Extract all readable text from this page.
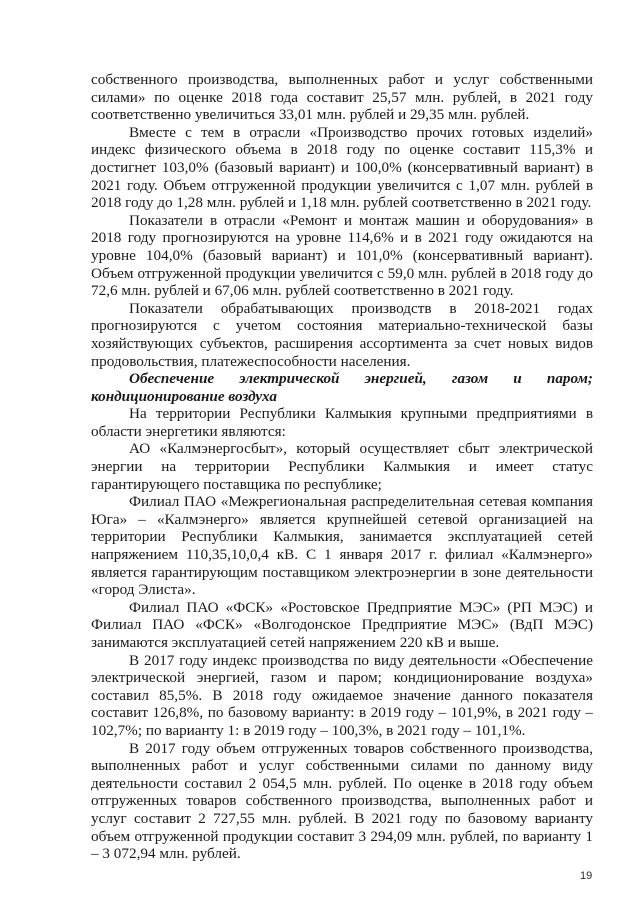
собственного производства, выполненных работ и услуг собственными силами» по оценке 2018 года составит 25,57 млн. рублей, в 2021 году соответственно увеличиться 33,01 млн. рублей и 29,35 млн. рублей.

Вместе с тем в отрасли «Производство прочих готовых изделий» индекс физического объема в 2018 году по оценке составит 115,3% и достигнет 103,0% (базовый вариант) и 100,0% (консервативный вариант) в 2021 году. Объем отгруженной продукции увеличится с 1,07 млн. рублей в 2018 году до 1,28 млн. рублей и 1,18 млн. рублей соответственно в 2021 году.

Показатели в отрасли «Ремонт и монтаж машин и оборудования» в 2018 году прогнозируются на уровне 114,6% и в 2021 году ожидаются на уровне 104,0% (базовый вариант) и 101,0% (консервативный вариант). Объем отгруженной продукции увеличится с 59,0 млн. рублей в 2018 году до 72,6 млн. рублей и 67,06 млн. рублей соответственно в 2021 году.

Показатели обрабатывающих производств в 2018-2021 годах прогнозируются с учетом состояния материально-технической базы хозяйствующих субъектов, расширения ассортимента за счет новых видов продовольствия, платежеспособности населения.

Обеспечение электрической энергией, газом и паром; кондиционирование воздуха

На территории Республики Калмыкия крупными предприятиями в области энергетики являются:

АО «Калмэнергосбыт», который осуществляет сбыт электрической энергии на территории Республики Калмыкия и имеет статус гарантирующего поставщика по республике;

Филиал ПАО «Межрегиональная распределительная сетевая компания Юга» – «Калмэнерго» является крупнейшей сетевой организацией на территории Республики Калмыкия, занимается эксплуатацией сетей напряжением 110,35,10,0,4 кВ. С 1 января 2017 г. филиал «Калмэнерго» является гарантирующим поставщиком электроэнергии в зоне деятельности «город Элиста».

Филиал ПАО «ФСК» «Ростовское Предприятие МЭС» (РП МЭС) и Филиал ПАО «ФСК» «Волгодонское Предприятие МЭС» (ВдП МЭС) занимаются эксплуатацией сетей напряжением 220 кВ и выше.

В 2017 году индекс производства по виду деятельности «Обеспечение электрической энергией, газом и паром; кондиционирование воздуха» составил 85,5%. В 2018 году ожидаемое значение данного показателя составит 126,8%, по базовому варианту: в 2019 году – 101,9%, в 2021 году – 102,7%; по варианту 1: в 2019 году – 100,3%, в 2021 году – 101,1%.

В 2017 году объем отгруженных товаров собственного производства, выполненных работ и услуг собственными силами по данному виду деятельности составил 2 054,5 млн. рублей. По оценке в 2018 году объем отгруженных товаров собственного производства, выполненных работ и услуг составит 2 727,55 млн. рублей. В 2021 году по базовому варианту объем отгруженной продукции составит 3 294,09 млн. рублей, по варианту 1 – 3 072,94 млн. рублей.

19
